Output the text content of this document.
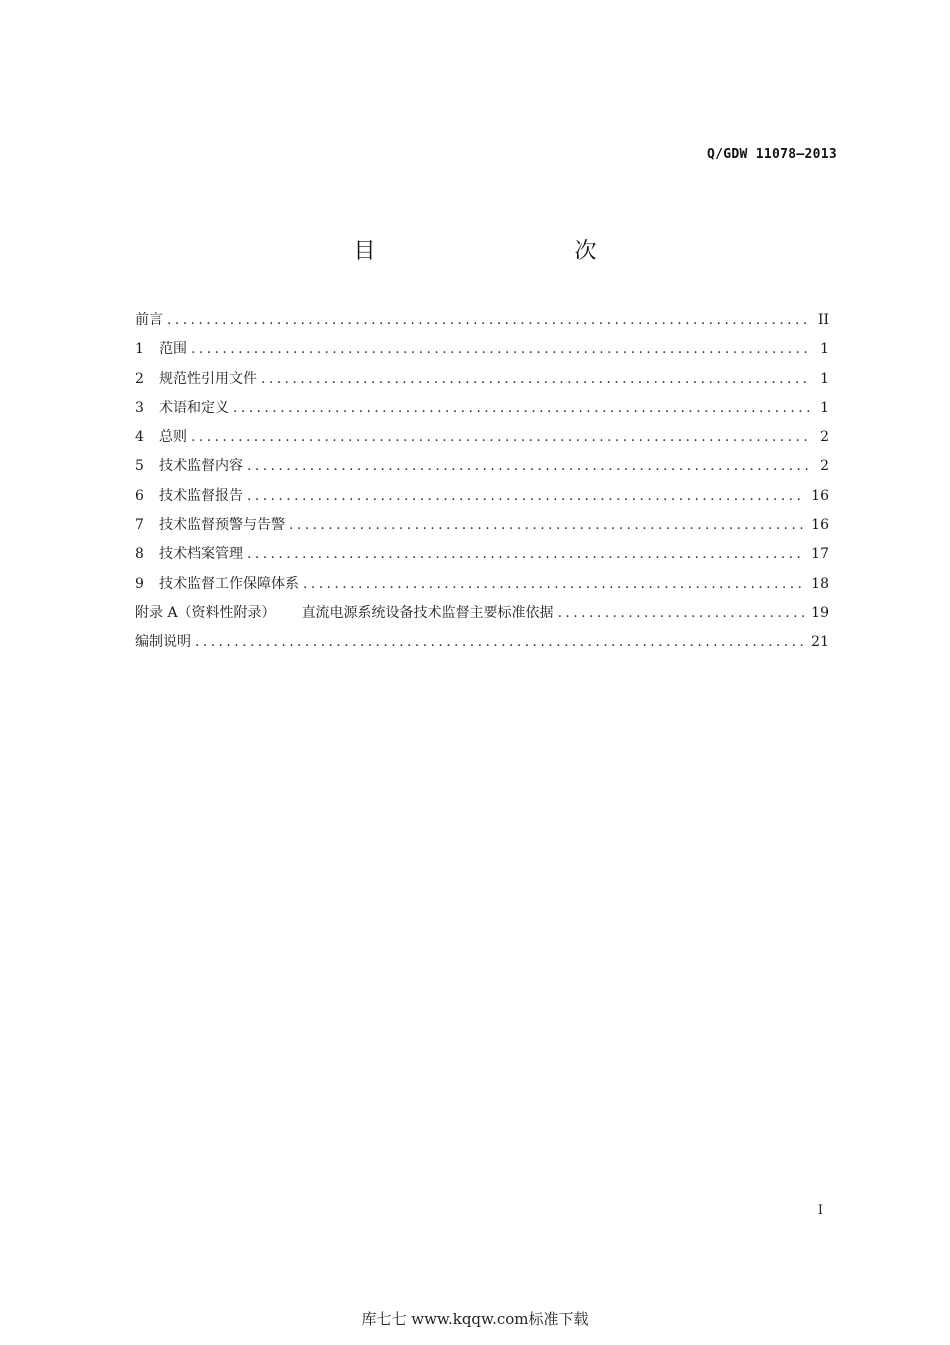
Q/GDW 11078—2013
目 次
前言 .....	II
1	范围 .....	1
2	规范性引用文件 .....	1
3	术语和定义 .....	1
4	总则 .....	2
5	技术监督内容 .....	2
6	技术监督报告 .....	16
7	技术监督预警与告警 .....	16
8	技术档案管理 .....	17
9	技术监督工作保障体系 .....	18
附录 A（资料性附录） 直流电源系统设备技术监督主要标准依据 .....	19
编制说明 .....	21
I
库七七 www.kqqw.com标准下载
